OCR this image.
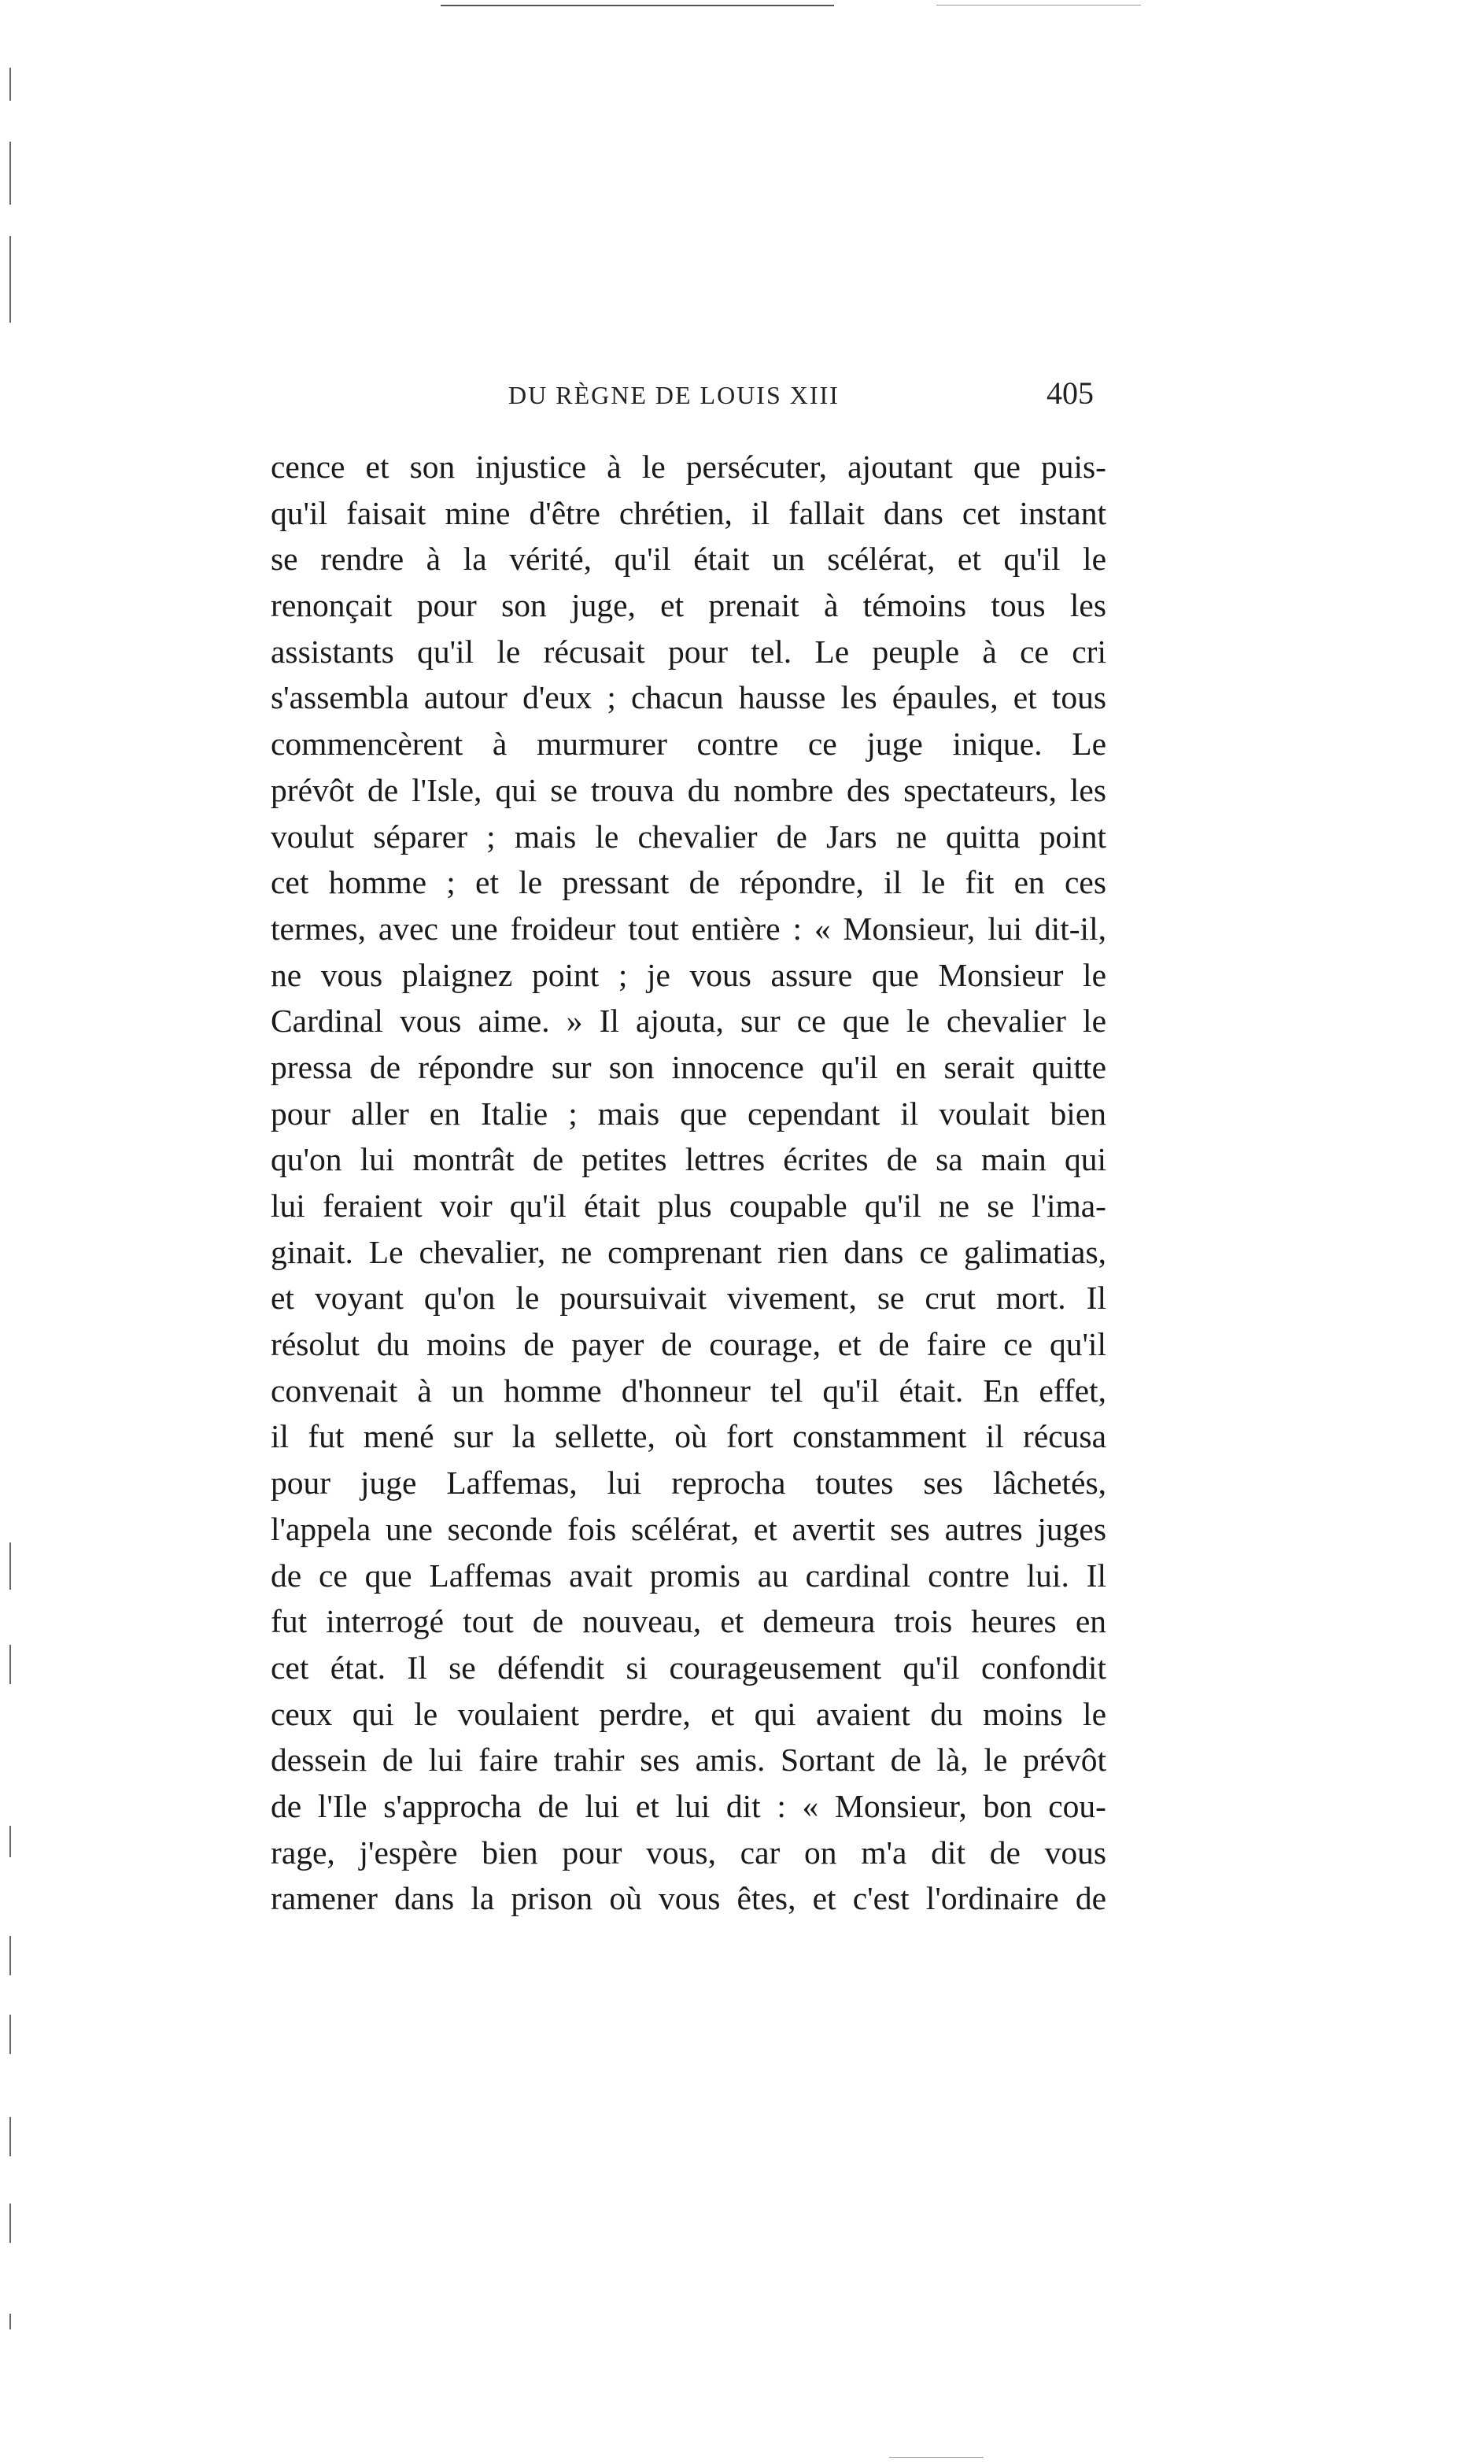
DU RÈGNE DE LOUIS XIII	405
cence et son injustice à le persécuter, ajoutant que puis-
qu'il faisait mine d'être chrétien, il fallait dans cet instant
se rendre à la vérité, qu'il était un scélérat, et qu'il le
renonçait pour son juge, et prenait à témoins tous les
assistants qu'il le récusait pour tel. Le peuple à ce cri
s'assembla autour d'eux ; chacun hausse les épaules, et tous
commencèrent à murmurer contre ce juge inique. Le
prévôt de l'Isle, qui se trouva du nombre des spectateurs, les
voulut séparer ; mais le chevalier de Jars ne quitta point
cet homme ; et le pressant de répondre, il le fit en ces
termes, avec une froideur tout entière : « Monsieur, lui dit-il,
ne vous plaignez point ; je vous assure que Monsieur le
Cardinal vous aime. » Il ajouta, sur ce que le chevalier le
pressa de répondre sur son innocence qu'il en serait quitte
pour aller en Italie ; mais que cependant il voulait bien
qu'on lui montrât de petites lettres écrites de sa main qui
lui feraient voir qu'il était plus coupable qu'il ne se l'ima-
ginait. Le chevalier, ne comprenant rien dans ce galimatias,
et voyant qu'on le poursuivait vivement, se crut mort. Il
résolut du moins de payer de courage, et de faire ce qu'il
convenait à un homme d'honneur tel qu'il était. En effet,
il fut mené sur la sellette, où fort constamment il récusa
pour juge Laffemas, lui reprocha toutes ses lâchetés,
l'appela une seconde fois scélérat, et avertit ses autres juges
de ce que Laffemas avait promis au cardinal contre lui. Il
fut interrogé tout de nouveau, et demeura trois heures en
cet état. Il se défendit si courageusement qu'il confondit
ceux qui le voulaient perdre, et qui avaient du moins le
dessein de lui faire trahir ses amis. Sortant de là, le prévôt
de l'Ile s'approcha de lui et lui dit : « Monsieur, bon cou-
rage, j'espère bien pour vous, car on m'a dit de vous
ramener dans la prison où vous êtes, et c'est l'ordinaire de
